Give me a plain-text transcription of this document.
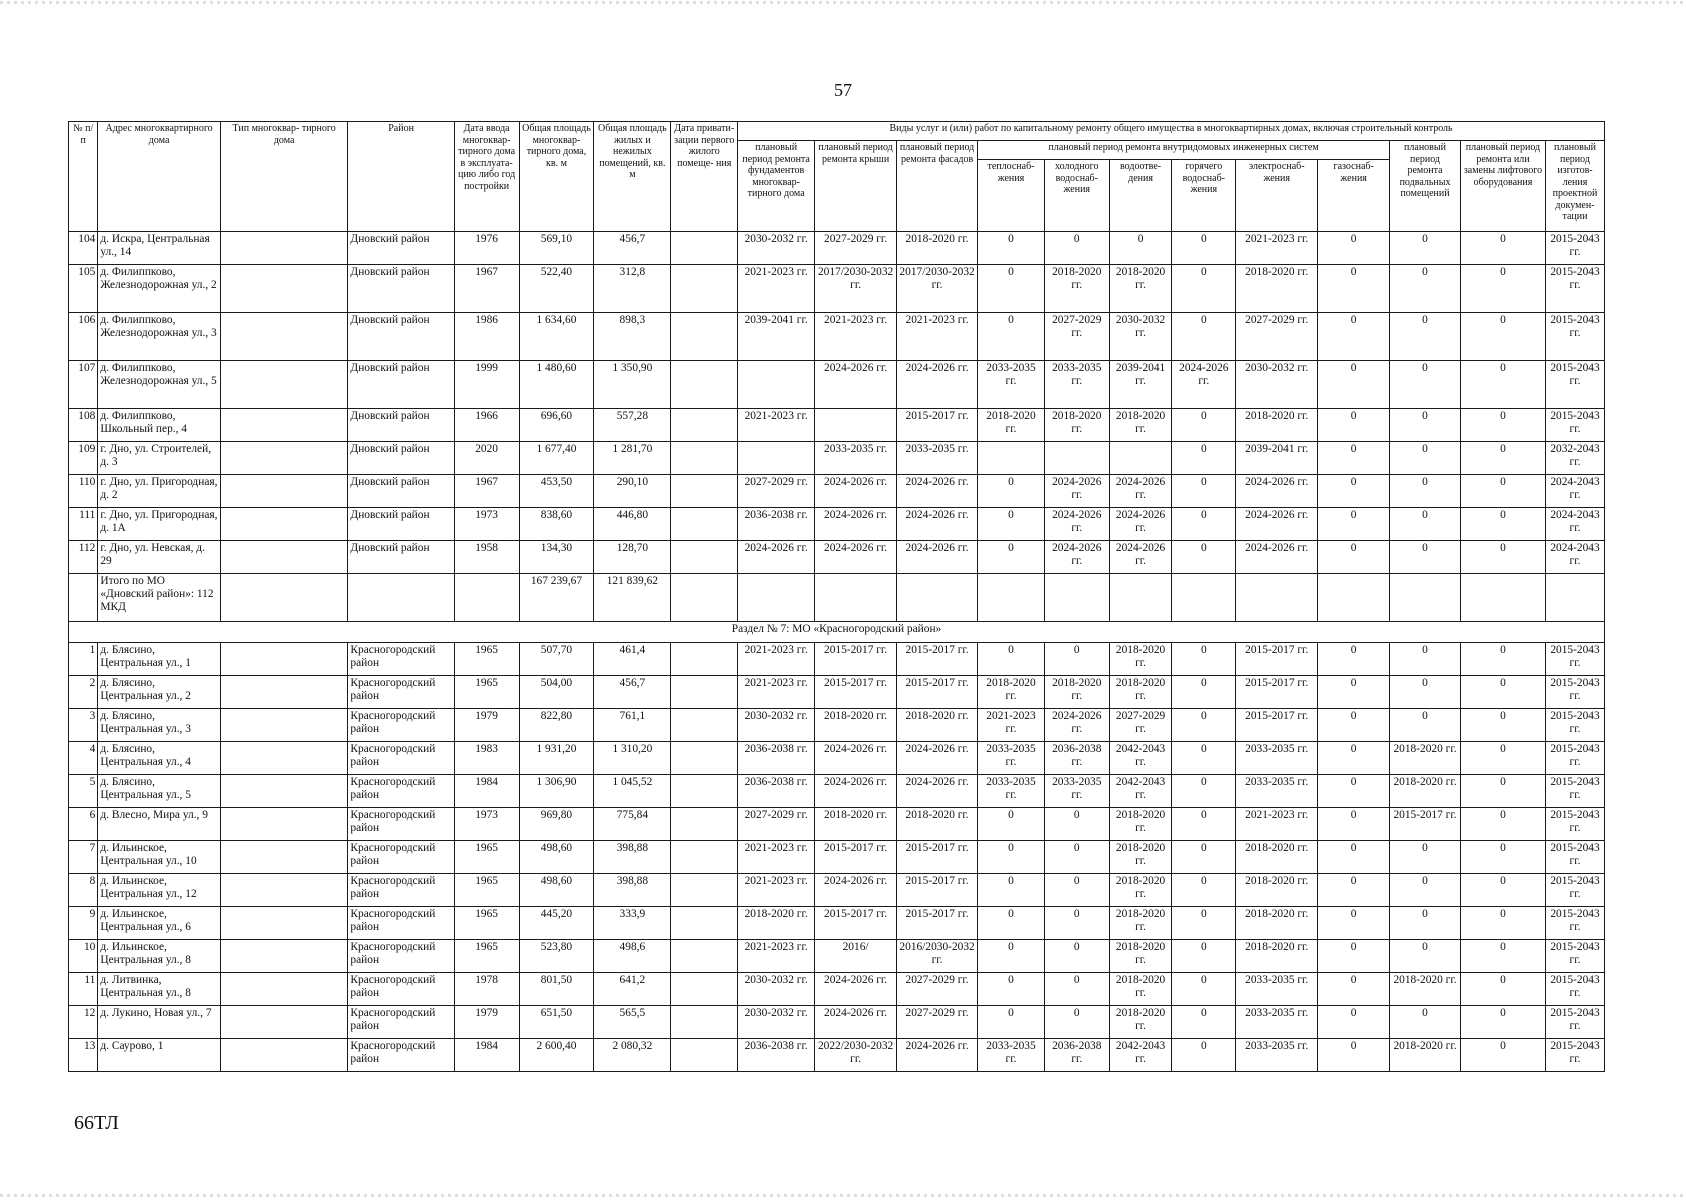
57
№ п/п	Адрес многоквартирного дома	Тип многоквар- тирного дома	Район	Дата ввода многоквар- тирного дома в эксплуата- цию либо год постройки	Общая площадь многоквар- тирного дома, кв. м	Общая площадь жилых и нежилых помещений, кв. м	Дата привати- зации первого жилого помеще- ния	Виды услуг и (или) работ по капитальному ремонту общего имущества в многоквартирных домах, включая строительный контроль											
								плановый период ремонта фундаментов многоквар- тирного дома	плановый период ремонта крыши	плановый период ремонта фасадов	плановый период ремонта внутридомовых инженерных систем						плановый период ремонта подвальных помещений	плановый период ремонта или замены лифтового оборудования	плановый период изготов- ления проектной докумен- тации
											теплоснаб- жения	холодного водоснаб- жения	водоотве- дения	горячего водоснаб- жения	электроснаб- жения	газоснаб- жения			
104	д. Искра, Центральная ул., 14		Дновский район	1976	569,10	456,7		2030-2032 гг.	2027-2029 гг.	2018-2020 гг.	0	0	0	0	2021-2023 гг.	0	0	0	2015-2043 гг.
105	д. Филиппково, Железнодорожная ул., 2		Дновский район	1967	522,40	312,8		2021-2023 гг.	2017/2030-2032 гг.	2017/2030-2032 гг.	0	2018-2020 гг.	2018-2020 гг.	0	2018-2020 гг.	0	0	0	2015-2043 гг.
106	д. Филиппково, Железнодорожная ул., 3		Дновский район	1986	1 634,60	898,3		2039-2041 гг.	2021-2023 гг.	2021-2023 гг.	0	2027-2029 гг.	2030-2032 гг.	0	2027-2029 гг.	0	0	0	2015-2043 гг.
107	д. Филиппково, Железнодорожная ул., 5		Дновский район	1999	1 480,60	1 350,90			2024-2026 гг.	2024-2026 гг.	2033-2035 гг.	2033-2035 гг.	2039-2041 гг.	2024-2026 гг.	2030-2032 гг.	0	0	0	2015-2043 гг.
108	д. Филиппково, Школьный пер., 4		Дновский район	1966	696,60	557,28		2021-2023 гг.		2015-2017 гг.	2018-2020 гг.	2018-2020 гг.	2018-2020 гг.	0	2018-2020 гг.	0	0	0	2015-2043 гг.
109	г. Дно, ул. Строителей, д. 3		Дновский район	2020	1 677,40	1 281,70			2033-2035 гг.	2033-2035 гг.				0	2039-2041 гг.	0	0	0	2032-2043 гг.
110	г. Дно, ул. Пригородная, д. 2		Дновский район	1967	453,50	290,10		2027-2029 гг.	2024-2026 гг.	2024-2026 гг.	0	2024-2026 гг.	2024-2026 гг.	0	2024-2026 гг.	0	0	0	2024-2043 гг.
111	г. Дно, ул. Пригородная, д. 1А		Дновский район	1973	838,60	446,80		2036-2038 гг.	2024-2026 гг.	2024-2026 гг.	0	2024-2026 гг.	2024-2026 гг.	0	2024-2026 гг.	0	0	0	2024-2043 гг.
112	г. Дно, ул. Невская, д. 29		Дновский район	1958	134,30	128,70		2024-2026 гг.	2024-2026 гг.	2024-2026 гг.	0	2024-2026 гг.	2024-2026 гг.	0	2024-2026 гг.	0	0	0	2024-2043 гг.
	Итого по МО «Дновский район»: 112 МКД				167 239,67	121 839,62													
Раздел № 7: МО «Красногородский район»																			
1	д. Блясино, Центральная ул., 1		Красногородский район	1965	507,70	461,4		2021-2023 гг.	2015-2017 гг.	2015-2017 гг.	0	0	2018-2020 гг.	0	2015-2017 гг.	0	0	0	2015-2043 гг.
2	д. Блясино, Центральная ул., 2		Красногородский район	1965	504,00	456,7		2021-2023 гг.	2015-2017 гг.	2015-2017 гг.	2018-2020 гг.	2018-2020 гг.	2018-2020 гг.	0	2015-2017 гг.	0	0	0	2015-2043 гг.
3	д. Блясино, Центральная ул., 3		Красногородский район	1979	822,80	761,1		2030-2032 гг.	2018-2020 гг.	2018-2020 гг.	2021-2023 гг.	2024-2026 гг.	2027-2029 гг.	0	2015-2017 гг.	0	0	0	2015-2043 гг.
4	д. Блясино, Центральная ул., 4		Красногородский район	1983	1 931,20	1 310,20		2036-2038 гг.	2024-2026 гг.	2024-2026 гг.	2033-2035 гг.	2036-2038 гг.	2042-2043 гг.	0	2033-2035 гг.	0	2018-2020 гг.	0	2015-2043 гг.
5	д. Блясино, Центральная ул., 5		Красногородский район	1984	1 306,90	1 045,52		2036-2038 гг.	2024-2026 гг.	2024-2026 гг.	2033-2035 гг.	2033-2035 гг.	2042-2043 гг.	0	2033-2035 гг.	0	2018-2020 гг.	0	2015-2043 гг.
6	д. Влесно, Мира ул., 9		Красногородский район	1973	969,80	775,84		2027-2029 гг.	2018-2020 гг.	2018-2020 гг.	0	0	2018-2020 гг.	0	2021-2023 гг.	0	2015-2017 гг.	0	2015-2043 гг.
7	д. Ильинское, Центральная ул., 10		Красногородский район	1965	498,60	398,88		2021-2023 гг.	2015-2017 гг.	2015-2017 гг.	0	0	2018-2020 гг.	0	2018-2020 гг.	0	0	0	2015-2043 гг.
8	д. Ильинское, Центральная ул., 12		Красногородский район	1965	498,60	398,88		2021-2023 гг.	2024-2026 гг.	2015-2017 гг.	0	0	2018-2020 гг.	0	2018-2020 гг.	0	0	0	2015-2043 гг.
9	д. Ильинское, Центральная ул., 6		Красногородский район	1965	445,20	333,9		2018-2020 гг.	2015-2017 гг.	2015-2017 гг.	0	0	2018-2020 гг.	0	2018-2020 гг.	0	0	0	2015-2043 гг.
10	д. Ильинское, Центральная ул., 8		Красногородский район	1965	523,80	498,6		2021-2023 гг.	2016/	2016/2030-2032 гг.	0	0	2018-2020 гг.	0	2018-2020 гг.	0	0	0	2015-2043 гг.
11	д. Литвинка, Центральная ул., 8		Красногородский район	1978	801,50	641,2		2030-2032 гг.	2024-2026 гг.	2027-2029 гг.	0	0	2018-2020 гг.	0	2033-2035 гг.	0	2018-2020 гг.	0	2015-2043 гг.
12	д. Лукино, Новая ул., 7		Красногородский район	1979	651,50	565,5		2030-2032 гг.	2024-2026 гг.	2027-2029 гг.	0	0	2018-2020 гг.	0	2033-2035 гг.	0	0	0	2015-2043 гг.
13	д. Саурово, 1		Красногородский район	1984	2 600,40	2 080,32		2036-2038 гг.	2022/2030-2032 гг.	2024-2026 гг.	2033-2035 гг.	2036-2038 гг.	2042-2043 гг.	0	2033-2035 гг.	0	2018-2020 гг.	0	2015-2043 гг.
66ТЛ
